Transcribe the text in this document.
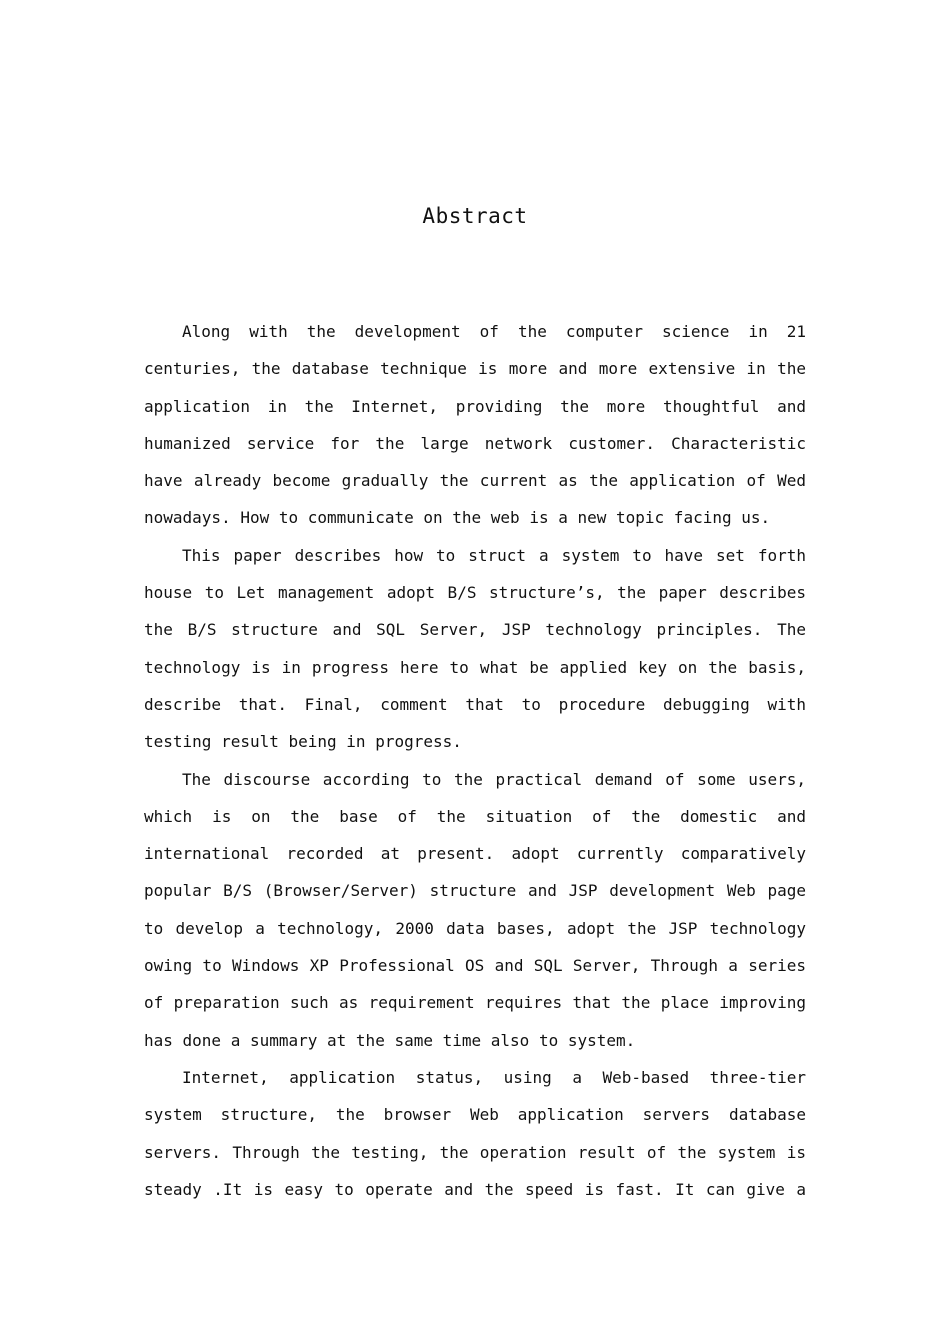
Abstract

Along with the development of the computer science in 21 centuries, the database technique is more and more extensive in the application in the Internet, providing the more thoughtful and humanized service for the large network customer. Characteristic have already become gradually the current as the application of Wed nowadays. How to communicate on the web is a new topic facing us.

This paper describes how to struct a system to have set forth house to Let management adopt B/S structure’s, the paper describes the B/S structure and SQL Server, JSP technology principles. The technology is in progress here to what be applied key on the basis, describe that. Final, comment that to procedure debugging with testing result being in progress.

The discourse according to the practical demand of some users, which is on the base of the situation of the domestic and international recorded at present. adopt currently comparatively popular B/S (Browser/Server) structure and JSP development Web page to develop a technology, 2000 data bases, adopt the JSP technology owing to Windows XP Professional OS and SQL Server, Through a series of preparation such as requirement requires that the place improving has done a summary at the same time also to system.

Internet, application status, using a Web-based three-tier system structure, the browser Web application servers database servers. Through the testing, the operation result of the system is steady .It is easy to operate and the speed is fast. It can give a
